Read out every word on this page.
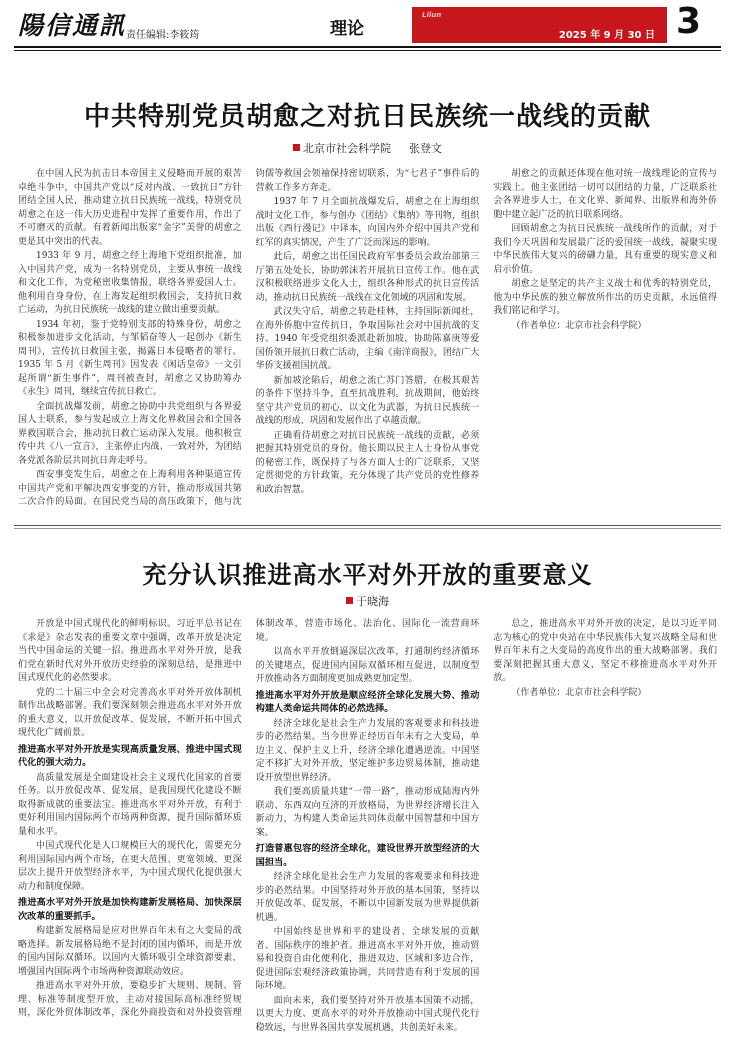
陽信通訊 责任编辑:李筱筠	理论
Lilun
2025 年 9 月 30 日 3
中共特别党员胡愈之对抗日民族统一战线的贡献
北京市社会科学院 张登文

在中国人民为抗击日本帝国主义侵略而开展的艰苦卓绝斗争中，中国共产党以“反对内战、一致抗日”方针团结全国人民，推动建立抗日民族统一战线，特别党员胡愈之在这一伟大历史进程中发挥了重要作用，作出了不可磨灭的贡献。有着新闻出版家“金字”美誉的胡愈之更是其中突出的代表。

1933 年 9 月，胡愈之经上海地下党组织批准，加入中国共产党，成为一名特别党员，主要从事统一战线和文化工作，为党秘密收集情报，联络各界爱国人士。他利用自身身份，在上海发起组织救国会，支持抗日救亡运动，为抗日民族统一战线的建立做出重要贡献。

1934 年初，鉴于党特别支部的特殊身份，胡愈之积极参加进步文化活动，与邹韬奋等人一起创办《新生周刊》，宣传抗日救国主张，揭露日本侵略者的罪行。1935 年 5 月《新生周刊》因发表《闲话皇帝》一文引起所谓“新生事件”，周刊被查封，胡愈之又协助筹办《永生》周刊，继续宣传抗日救亡。

全面抗战爆发前，胡愈之协助中共党组织与各界爱国人士联系，参与发起成立上海文化界救国会和全国各界救国联合会，推动抗日救亡运动深入发展。他积极宣传中共《八一宣言》，主张停止内战、一致对外，为团结各党派各阶层共同抗日奔走呼号。

西安事变发生后，胡愈之在上海利用各种渠道宣传中国共产党和平解决西安事变的方针，推动形成国共第二次合作的局面。在国民党当局的高压政策下，他与沈钧儒等救国会领袖保持密切联系，为“七君子”事件后的营救工作多方奔走。

1937 年 7 月全面抗战爆发后，胡愈之在上海组织战时文化工作，参与创办《团结》《集纳》等刊物，组织出版《西行漫记》中译本，向国内外介绍中国共产党和红军的真实情况，产生了广泛而深远的影响。

此后，胡愈之出任国民政府军事委员会政治部第三厅第五处处长，协助郭沫若开展抗日宣传工作。他在武汉积极联络进步文化人士，组织各种形式的抗日宣传活动，推动抗日民族统一战线在文化领域的巩固和发展。

武汉失守后，胡愈之转赴桂林，主持国际新闻社，在海外侨胞中宣传抗日，争取国际社会对中国抗战的支持。1940 年受党组织委派赴新加坡，协助陈嘉庚等爱国侨领开展抗日救亡活动，主编《南洋商报》，团结广大华侨支援祖国抗战。

新加坡沦陷后，胡愈之流亡苏门答腊，在极其艰苦的条件下坚持斗争，直至抗战胜利。抗战期间，他始终坚守共产党员的初心，以文化为武器，为抗日民族统一战线的形成、巩固和发展作出了卓越贡献。

正确看待胡愈之对抗日民族统一战线的贡献，必须把握其特别党员的身份。他长期以民主人士身份从事党的秘密工作，既保持了与各方面人士的广泛联系，又坚定贯彻党的方针政策，充分体现了共产党员的党性修养和政治智慧。

胡愈之的贡献还体现在他对统一战线理论的宣传与实践上。他主张团结一切可以团结的力量，广泛联系社会各界进步人士，在文化界、新闻界、出版界和海外侨胞中建立起广泛的抗日联系网络。

回顾胡愈之为抗日民族统一战线所作的贡献，对于我们今天巩固和发展最广泛的爱国统一战线，凝聚实现中华民族伟大复兴的磅礴力量，具有重要的现实意义和启示价值。

胡愈之是坚定的共产主义战士和优秀的特别党员，他为中华民族的独立解放所作出的历史贡献，永远值得我们铭记和学习。

（作者单位：北京市社会科学院）

充分认识推进高水平对外开放的重要意义
于晓海

开放是中国式现代化的鲜明标识。习近平总书记在《求是》杂志发表的重要文章中强调，改革开放是决定当代中国命运的关键一招。推进高水平对外开放，是我们党在新时代对外开放历史经验的深刻总结，是推进中国式现代化的必然要求。

党的二十届三中全会对完善高水平对外开放体制机制作出战略部署。我们要深刻领会推进高水平对外开放的重大意义，以开放促改革、促发展，不断开拓中国式现代化广阔前景。

推进高水平对外开放是实现高质量发展、推进中国式现代化的强大动力。

高质量发展是全面建设社会主义现代化国家的首要任务。以开放促改革、促发展，是我国现代化建设不断取得新成就的重要法宝。推进高水平对外开放，有利于更好利用国内国际两个市场两种资源，提升国际循环质量和水平。

中国式现代化是人口规模巨大的现代化，需要充分利用国际国内两个市场，在更大范围、更宽领域、更深层次上提升开放型经济水平，为中国式现代化提供强大动力和制度保障。

推进高水平对外开放是加快构建新发展格局、加快深层次改革的重要抓手。

构建新发展格局是应对世界百年未有之大变局的战略选择。新发展格局绝不是封闭的国内循环，而是开放的国内国际双循环。以国内大循环吸引全球资源要素，增强国内国际两个市场两种资源联动效应。

推进高水平对外开放，要稳步扩大规则、规制、管理、标准等制度型开放，主动对接国际高标准经贸规则，深化外贸体制改革，深化外商投资和对外投资管理体制改革，营造市场化、法治化、国际化一流营商环境。

以高水平开放倒逼深层次改革，打通制约经济循环的关键堵点，促进国内国际双循环相互促进，以制度型开放推动各方面制度更加成熟更加定型。

推进高水平对外开放是顺应经济全球化发展大势、推动构建人类命运共同体的必然选择。

经济全球化是社会生产力发展的客观要求和科技进步的必然结果。当今世界正经历百年未有之大变局，单边主义、保护主义上升，经济全球化遭遇逆流。中国坚定不移扩大对外开放，坚定维护多边贸易体制，推动建设开放型世界经济。

我们要高质量共建“一带一路”，推动形成陆海内外联动、东西双向互济的开放格局，为世界经济增长注入新动力，为构建人类命运共同体贡献中国智慧和中国方案。

打造普惠包容的经济全球化，建设世界开放型经济的大国担当。

经济全球化是社会生产力发展的客观要求和科技进步的必然结果。中国坚持对外开放的基本国策，坚持以开放促改革、促发展，不断以中国新发展为世界提供新机遇。

中国始终是世界和平的建设者、全球发展的贡献者、国际秩序的维护者。推进高水平对外开放，推动贸易和投资自由化便利化，推进双边、区域和多边合作，促进国际宏观经济政策协调，共同营造有利于发展的国际环境。

面向未来，我们要坚持对外开放基本国策不动摇，以更大力度、更高水平的对外开放推动中国式现代化行稳致远，与世界各国共享发展机遇，共创美好未来。

总之，推进高水平对外开放的决定，是以习近平同志为核心的党中央站在中华民族伟大复兴战略全局和世界百年未有之大变局的高度作出的重大战略部署。我们要深刻把握其重大意义，坚定不移推进高水平对外开放。

（作者单位：北京市社会科学院）
